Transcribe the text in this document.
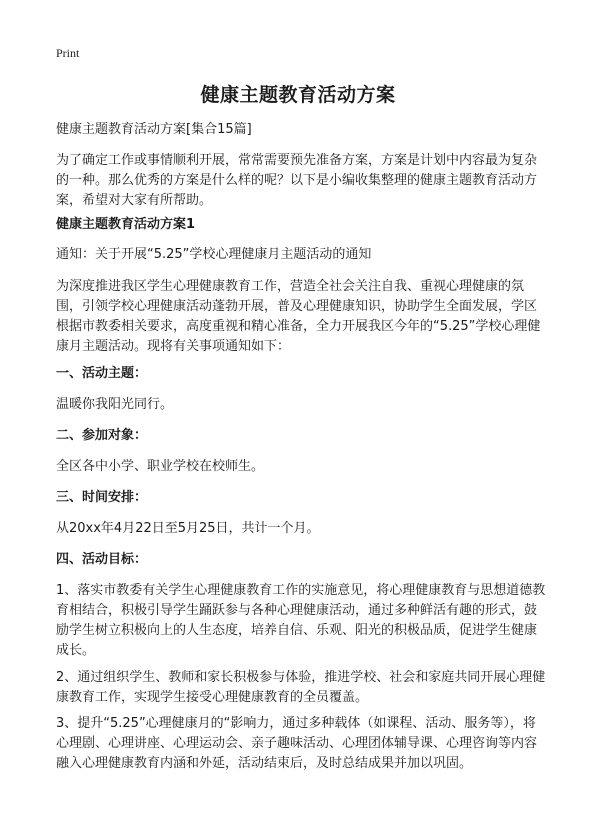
Print
健康主题教育活动方案

健康主题教育活动方案[集合15篇]

为了确定工作或事情顺利开展，常常需要预先准备方案，方案是计划中内容最为复杂的一种。那么优秀的方案是什么样的呢？以下是小编收集整理的健康主题教育活动方案，希望对大家有所帮助。

健康主题教育活动方案1

通知：关于开展“5.25”学校心理健康月主题活动的通知

为深度推进我区学生心理健康教育工作，营造全社会关注自我、重视心理健康的氛围，引领学校心理健康活动蓬勃开展，普及心理健康知识，协助学生全面发展，学区根据市教委相关要求，高度重视和精心准备，全力开展我区今年的“5.25”学校心理健康月主题活动。现将有关事项通知如下：

一、活动主题：

温暖你我阳光同行。

二、参加对象：

全区各中小学、职业学校在校师生。

三、时间安排：

从20xx年4月22日至5月25日，共计一个月。

四、活动目标：

1、落实市教委有关学生心理健康教育工作的实施意见，将心理健康教育与思想道德教育相结合，积极引导学生踊跃参与各种心理健康活动，通过多种鲜活有趣的形式，鼓励学生树立积极向上的人生态度，培养自信、乐观、阳光的积极品质，促进学生健康成长。

2、通过组织学生、教师和家长积极参与体验，推进学校、社会和家庭共同开展心理健康教育工作，实现学生接受心理健康教育的全员覆盖。

3、提升“5.25”心理健康月的“影响力，通过多种载体（如课程、活动、服务等），将心理剧、心理讲座、心理运动会、亲子趣味活动、心理团体辅导课、心理咨询等内容融入心理健康教育内涵和外延，活动结束后，及时总结成果并加以巩固。
